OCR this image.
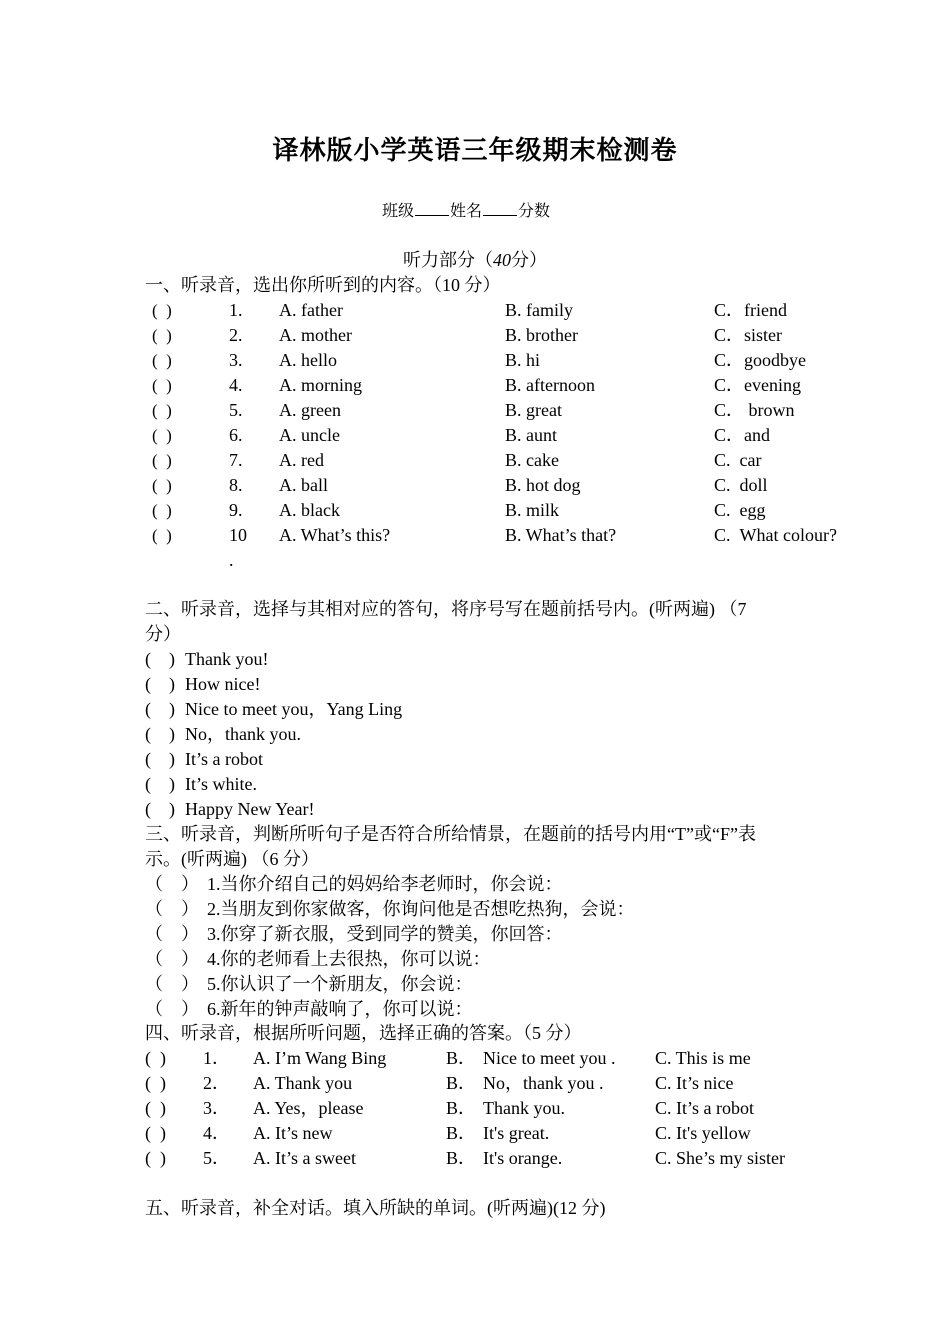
译林版小学英语三年级期末检测卷
班级 姓名 分数
听力部分（40分）
一、听录音，选出你所听到的内容。（10 分）
(  )	1. A. father	B. family	C．friend
(  )	2. A. mother	B. brother	C．sister
(  )	3. A. hello	B. hi	C．goodbye
(  )	4. A. morning	B. afternoon	C．evening
(  )	5. A. green	B. great	C． brown
(  )	6. A. uncle	B. aunt	C．and
(  )	7. A. red	B. cake	C.  car
(  )	8. A. ball	B. hot dog	C.  doll
(  )	9. A. black	B. milk	C.  egg
(  )	10 A. What’s this?	B. What’s that?	C.  What colour?
.
二、听录音，选择与其相对应的答句，将序号写在题前括号内。(听两遍) （7
分）
(    ) Thank you!
(    ) How nice!
(    ) Nice to meet you，Yang Ling
(    ) No，thank you.
(    ) It’s a robot
(    ) It’s white.
(    ) Happy New Year!
三、听录音，判断所听句子是否符合所给情景，在题前的括号内用“T”或“F”表
示。(听两遍) （6 分）
（    ） 1.当你介绍自己的妈妈给李老师时，你会说：
（    ） 2.当朋友到你家做客，你询问他是否想吃热狗，会说：
（    ） 3.你穿了新衣服，受到同学的赞美，你回答：
（    ） 4.你的老师看上去很热，你可以说：
（    ） 5.你认识了一个新朋友，你会说：
（    ） 6.新年的钟声敲响了，你可以说：
四、听录音，根据所听问题，选择正确的答案。（5 分）
(  ) 1． A. I’m Wang Bing	B． Nice to meet you . C. This is me
(  ) 2． A. Thank you	B． No，thank you .	C. It’s nice
(  ) 3． A. Yes，please	B． Thank you.	C. It’s a robot
(  ) 4． A. It’s new	B． It's great.	C. It's yellow
(  ) 5． A. It’s a sweet	B． It's orange.	C. She’s my sister
五、听录音，补全对话。填入所缺的单词。(听两遍)(12 分)
